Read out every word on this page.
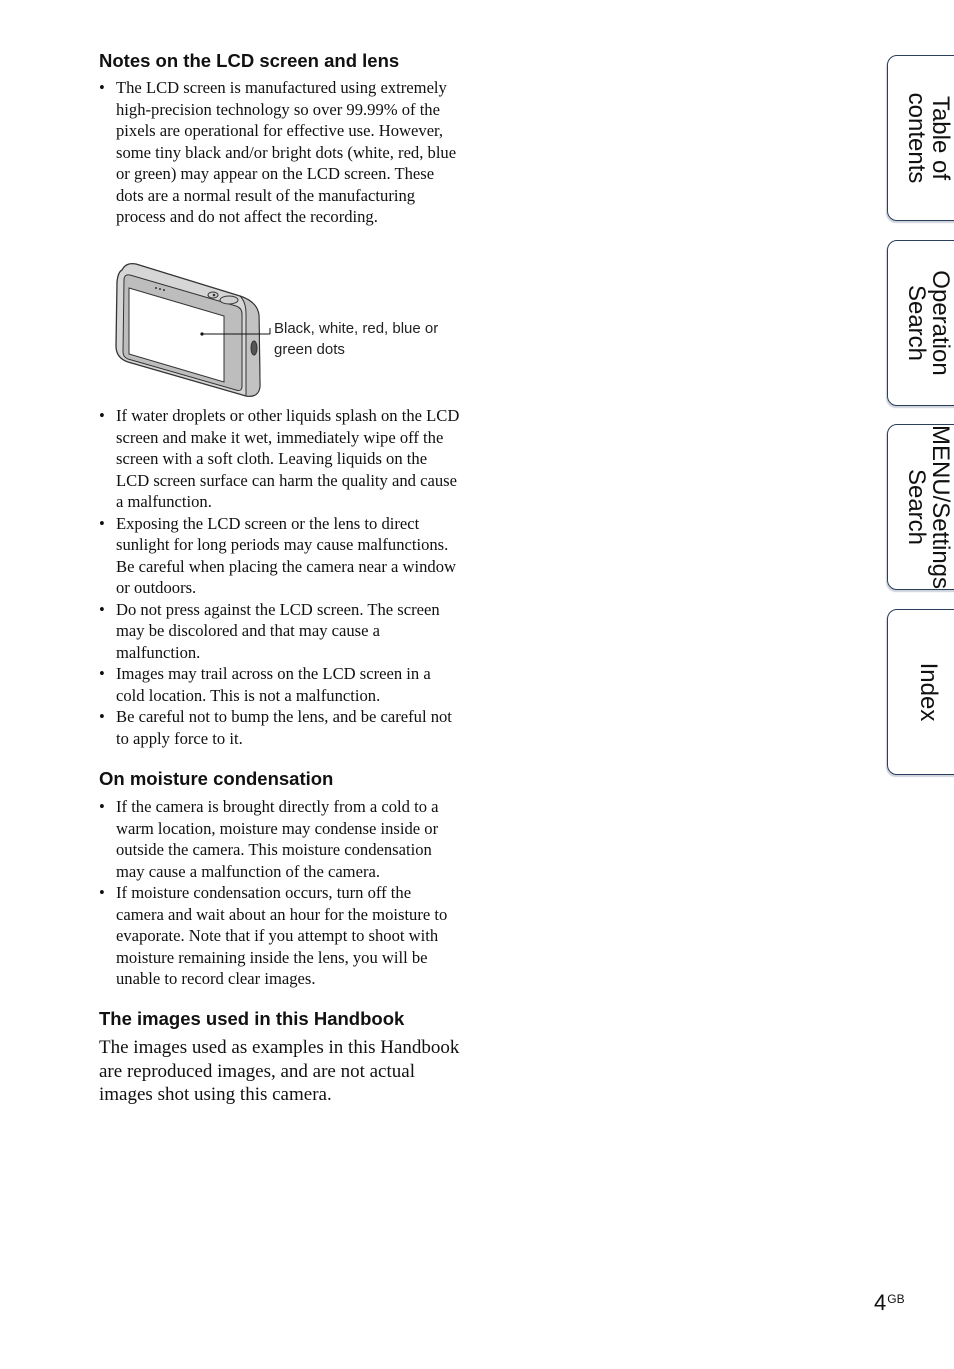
Notes on the LCD screen and lens
• The LCD screen is manufactured using extremely high-precision technology so over 99.99% of the pixels are operational for effective use. However, some tiny black and/or bright dots (white, red, blue or green) may appear on the LCD screen. These dots are a normal result of the manufacturing process and do not affect the recording.
Black, white, red, blue or green dots
• If water droplets or other liquids splash on the LCD screen and make it wet, immediately wipe off the screen with a soft cloth. Leaving liquids on the LCD screen surface can harm the quality and cause a malfunction.
• Exposing the LCD screen or the lens to direct sunlight for long periods may cause malfunctions. Be careful when placing the camera near a window or outdoors.
• Do not press against the LCD screen. The screen may be discolored and that may cause a malfunction.
• Images may trail across on the LCD screen in a cold location. This is not a malfunction.
• Be careful not to bump the lens, and be careful not to apply force to it.
On moisture condensation
• If the camera is brought directly from a cold to a warm location, moisture may condense inside or outside the camera. This moisture condensation may cause a malfunction of the camera.
• If moisture condensation occurs, turn off the camera and wait about an hour for the moisture to evaporate. Note that if you attempt to shoot with moisture remaining inside the lens, you will be unable to record clear images.
The images used in this Handbook

The images used as examples in this Handbook are reproduced images, and are not actual images shot using this camera.

Table of
contents
Operation
Search
MENU/Settings
Search
Index
$4^{GB}$
